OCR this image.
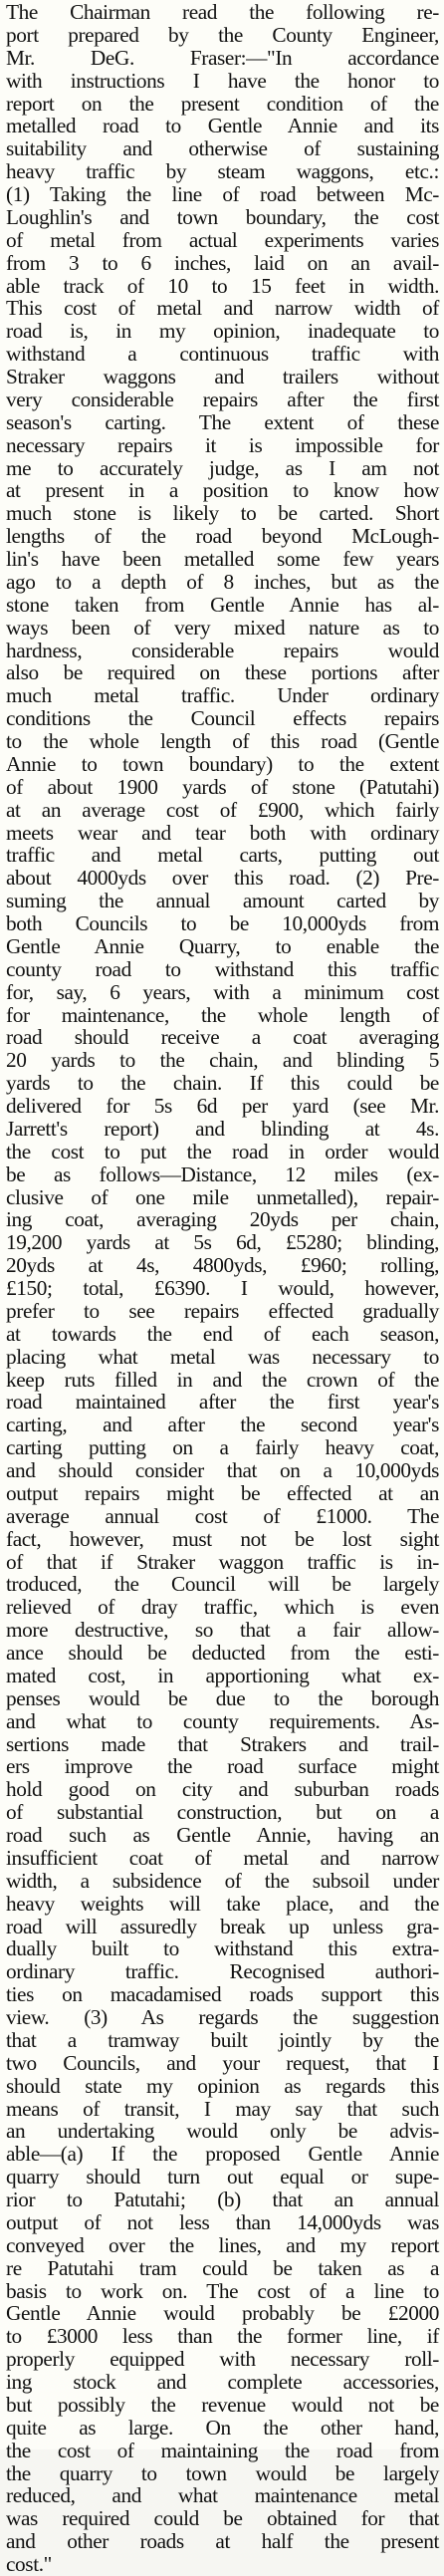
The Chairman read the following re-
port prepared by the County Engineer,
Mr. DeG. Fraser:—"In accordance
with instructions I have the honor to
report on the present condition of the
metalled road to Gentle Annie and its
suitability and otherwise of sustaining
heavy traffic by steam waggons, etc.:
(1) Taking the line of road between Mc-
Loughlin's and town boundary, the cost
of metal from actual experiments varies
from 3 to 6 inches, laid on an avail-
able track of 10 to 15 feet in width.
This cost of metal and narrow width of
road is, in my opinion, inadequate to
withstand a continuous traffic with
Straker waggons and trailers without
very considerable repairs after the first
season's carting. The extent of these
necessary repairs it is impossible for
me to accurately judge, as I am not
at present in a position to know how
much stone is likely to be carted. Short
lengths of the road beyond McLough-
lin's have been metalled some few years
ago to a depth of 8 inches, but as the
stone taken from Gentle Annie has al-
ways been of very mixed nature as to
hardness, considerable repairs would
also be required on these portions after
much metal traffic. Under ordinary
conditions the Council effects repairs
to the whole length of this road (Gentle
Annie to town boundary) to the extent
of about 1900 yards of stone (Patutahi)
at an average cost of £900, which fairly
meets wear and tear both with ordinary
traffic and metal carts, putting out
about 4000yds over this road. (2) Pre-
suming the annual amount carted by
both Councils to be 10,000yds from
Gentle Annie Quarry, to enable the
county road to withstand this traffic
for, say, 6 years, with a minimum cost
for maintenance, the whole length of
road should receive a coat averaging
20 yards to the chain, and blinding 5
yards to the chain. If this could be
delivered for 5s 6d per yard (see Mr.
Jarrett's report) and blinding at 4s.
the cost to put the road in order would
be as follows—Distance, 12 miles (ex-
clusive of one mile unmetalled), repair-
ing coat, averaging 20yds per chain,
19,200 yards at 5s 6d, £5280; blinding,
20yds at 4s, 4800yds, £960; rolling,
£150; total, £6390. I would, however,
prefer to see repairs effected gradually
at towards the end of each season,
placing what metal was necessary to
keep ruts filled in and the crown of the
road maintained after the first year's
carting, and after the second year's
carting putting on a fairly heavy coat,
and should consider that on a 10,000yds
output repairs might be effected at an
average annual cost of £1000. The
fact, however, must not be lost sight
of that if Straker waggon traffic is in-
troduced, the Council will be largely
relieved of dray traffic, which is even
more destructive, so that a fair allow-
ance should be deducted from the esti-
mated cost, in apportioning what ex-
penses would be due to the borough
and what to county requirements. As-
sertions made that Strakers and trail-
ers improve the road surface might
hold good on city and suburban roads
of substantial construction, but on a
road such as Gentle Annie, having an
insufficient coat of metal and narrow
width, a subsidence of the subsoil under
heavy weights will take place, and the
road will assuredly break up unless gra-
dually built to withstand this extra-
ordinary traffic. Recognised authori-
ties on macadamised roads support this
view. (3) As regards the suggestion
that a tramway built jointly by the
two Councils, and your request, that I
should state my opinion as regards this
means of transit, I may say that such
an undertaking would only be advis-
able—(a) If the proposed Gentle Annie
quarry should turn out equal or supe-
rior to Patutahi; (b) that an annual
output of not less than 14,000yds was
conveyed over the lines, and my report
re Patutahi tram could be taken as a
basis to work on. The cost of a line to
Gentle Annie would probably be £2000
to £3000 less than the former line, if
properly equipped with necessary roll-
ing stock and complete accessories,
but possibly the revenue would not be
quite as large. On the other hand,
the cost of maintaining the road from
the quarry to town would be largely
reduced, and what maintenance metal
was required could be obtained for that
and other roads at half the present
cost."
